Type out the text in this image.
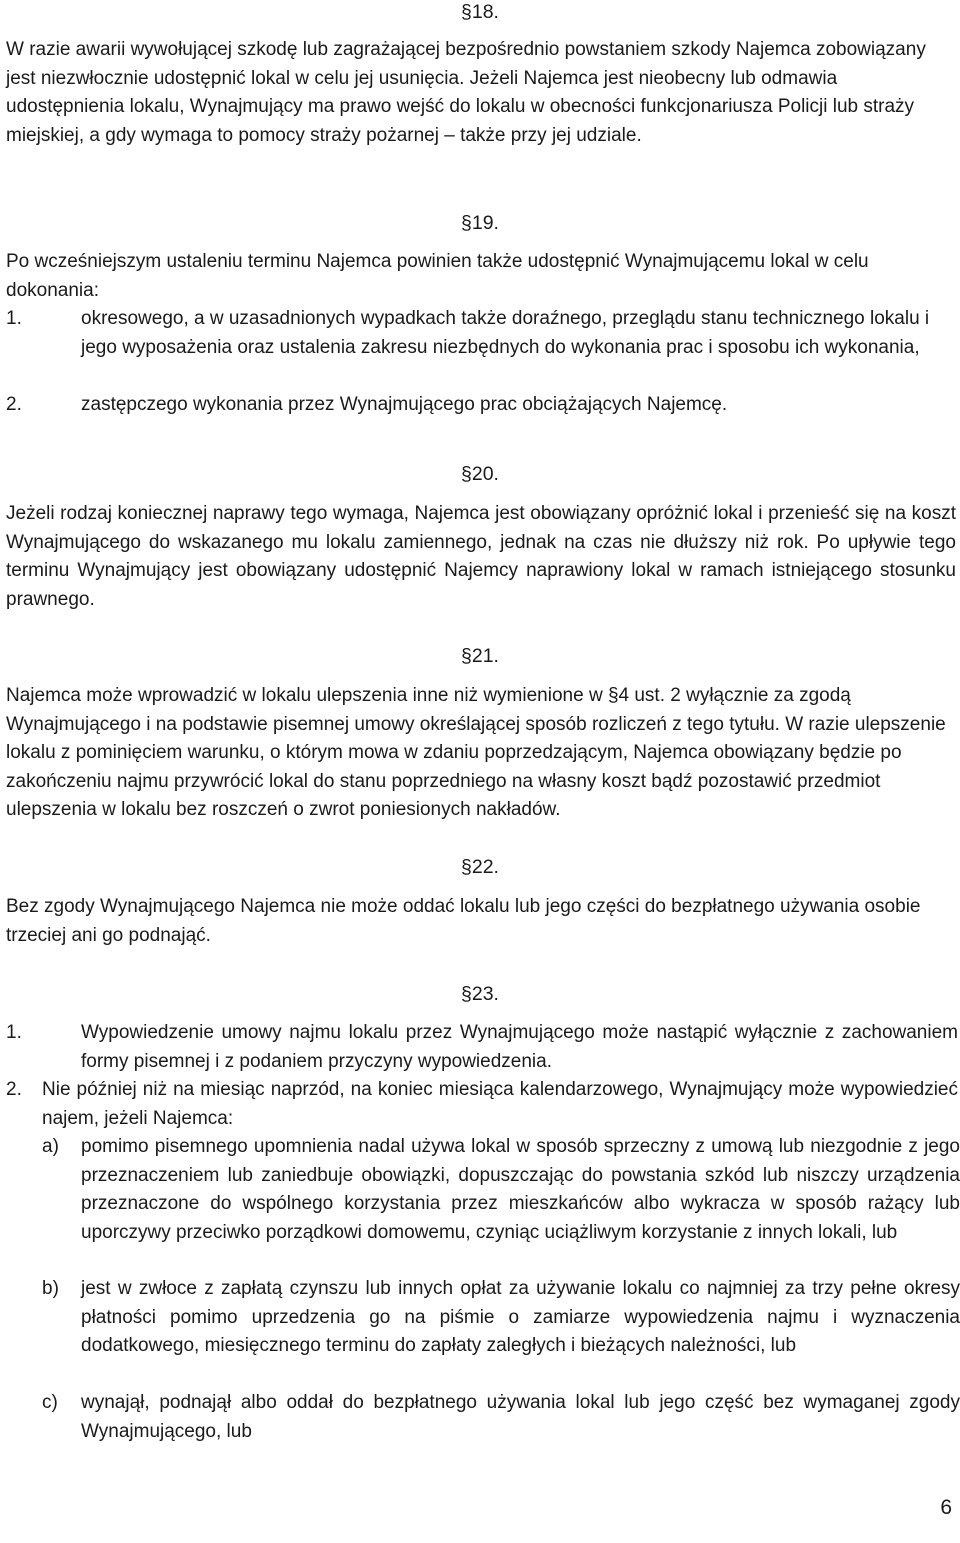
§18.

W razie awarii wywołującej szkodę lub zagrażającej bezpośrednio powstaniem szkody Najemca zobowiązany jest niezwłocznie udostępnić lokal w celu jej usunięcia. Jeżeli Najemca jest nieobecny lub odmawia udostępnienia lokalu, Wynajmujący ma prawo wejść do lokalu w obecności funkcjonariusza Policji lub straży miejskiej, a gdy wymaga to pomocy straży pożarnej – także przy jej udziale.

§19.

Po wcześniejszym ustaleniu terminu Najemca powinien także udostępnić Wynajmującemu lokal w celu dokonania:

1.	okresowego, a w uzasadnionych wypadkach także doraźnego, przeglądu stanu technicznego lokalu i jego wyposażenia oraz ustalenia zakresu niezbędnych do wykonania prac i sposobu ich wykonania,
2.	zastępczego wykonania przez Wynajmującego prac obciążających Najemcę.
§20.

Jeżeli rodzaj koniecznej naprawy tego wymaga, Najemca jest obowiązany opróżnić lokal i przenieść się na koszt Wynajmującego do wskazanego mu lokalu zamiennego, jednak na czas nie dłuższy niż rok. Po upływie tego terminu Wynajmujący jest obowiązany udostępnić Najemcy naprawiony lokal w ramach istniejącego stosunku prawnego.

§21.

Najemca może wprowadzić w lokalu ulepszenia inne niż wymienione w §4 ust. 2 wyłącznie za zgodą Wynajmującego i na podstawie pisemnej umowy określającej sposób rozliczeń z tego tytułu. W razie ulepszenie lokalu z pominięciem warunku, o którym mowa w zdaniu poprzedzającym, Najemca obowiązany będzie po zakończeniu najmu przywrócić lokal do stanu poprzedniego na własny koszt bądź pozostawić przedmiot ulepszenia w lokalu bez roszczeń o zwrot poniesionych nakładów.

§22.

Bez zgody Wynajmującego Najemca nie może oddać lokalu lub jego części do bezpłatnego używania osobie trzeciej ani go podnająć.

§23.
1.	Wypowiedzenie umowy najmu lokalu przez Wynajmującego może nastąpić wyłącznie z zachowaniem formy pisemnej i z podaniem przyczyny wypowiedzenia.
2. Nie później niż na miesiąc naprzód, na koniec miesiąca kalendarzowego, Wynajmujący może wypowiedzieć najem, jeżeli Najemca:
a) pomimo pisemnego upomnienia nadal używa lokal w sposób sprzeczny z umową lub niezgodnie z jego przeznaczeniem lub zaniedbuje obowiązki, dopuszczając do powstania szkód lub niszczy urządzenia przeznaczone do wspólnego korzystania przez mieszkańców albo wykracza w sposób rażący lub uporczywy przeciwko porządkowi domowemu, czyniąc uciążliwym korzystanie z innych lokali, lub
b) jest w zwłoce z zapłatą czynszu lub innych opłat za używanie lokalu co najmniej za trzy pełne okresy płatności pomimo uprzedzenia go na piśmie o zamiarze wypowiedzenia najmu i wyznaczenia dodatkowego, miesięcznego terminu do zapłaty zaległych i bieżących należności, lub
c) wynajął, podnajął albo oddał do bezpłatnego używania lokal lub jego część bez wymaganej zgody Wynajmującego, lub
6
